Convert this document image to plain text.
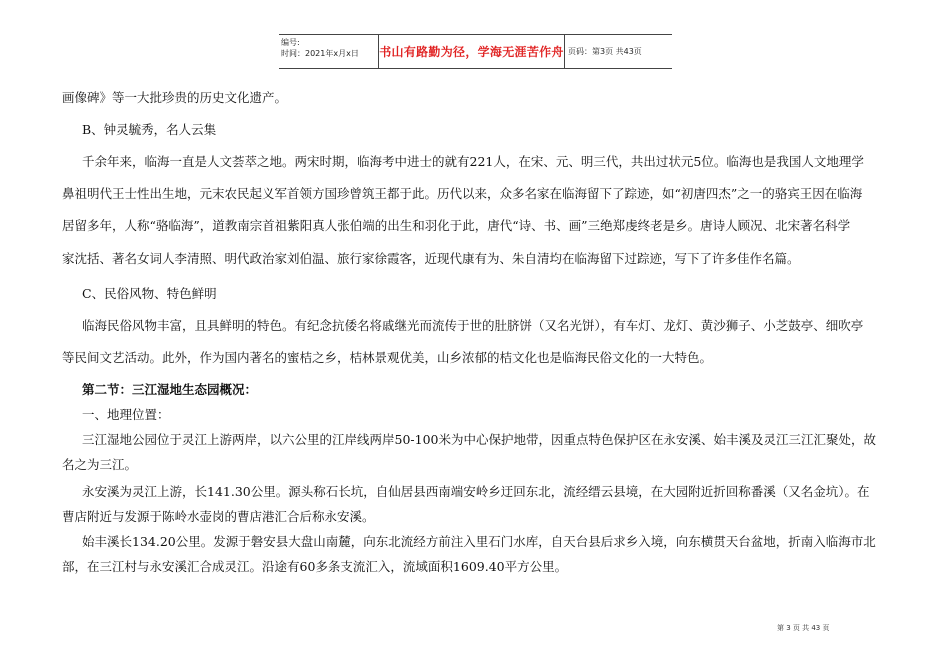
编号:
时间：2021年x月x日	书山有路勤为径，学海无涯苦作舟 页码：第3页 共43页
画像碑》等一大批珍贵的历史文化遗产。
B、钟灵毓秀，名人云集
千余年来，临海一直是人文荟萃之地。两宋时期，临海考中进士的就有221人，在宋、元、明三代，共出过状元5位。临海也是我国人文地理学
鼻祖明代王士性出生地，元末农民起义军首领方国珍曾筑王都于此。历代以来，众多名家在临海留下了踪迹，如“初唐四杰”之一的骆宾王因在临海
居留多年，人称“骆临海”，道教南宗首祖紫阳真人张伯端的出生和羽化于此，唐代“诗、书、画”三绝郑虔终老是乡。唐诗人顾况、北宋著名科学
家沈括、著名女词人李清照、明代政治家刘伯温、旅行家徐霞客，近现代康有为、朱自清均在临海留下过踪迹，写下了许多佳作名篇。
C、民俗风物、特色鲜明
临海民俗风物丰富，且具鲜明的特色。有纪念抗倭名将戚继光而流传于世的肚脐饼（又名光饼），有车灯、龙灯、黄沙狮子、小芝鼓亭、细吹亭
等民间文艺活动。此外，作为国内著名的蜜桔之乡，桔林景观优美，山乡浓郁的桔文化也是临海民俗文化的一大特色。
第二节：三江湿地生态园概况：
一、地理位置：
三江湿地公园位于灵江上游两岸，以六公里的江岸线两岸50-100米为中心保护地带，因重点特色保护区在永安溪、始丰溪及灵江三江汇聚处，故
名之为三江。
永安溪为灵江上游，长141.30公里。源头称石长坑，自仙居县西南端安岭乡迂回东北，流经缙云县境，在大园附近折回称番溪（又名金坑）。在
曹店附近与发源于陈岭水壶岗的曹店港汇合后称永安溪。
始丰溪长134.20公里。发源于磐安县大盘山南麓，向东北流经方前注入里石门水库，自天台县后求乡入境，向东横贯天台盆地，折南入临海市北
部，在三江村与永安溪汇合成灵江。沿途有60多条支流汇入，流域面积1609.40平方公里。
第 3 页 共 43 页
